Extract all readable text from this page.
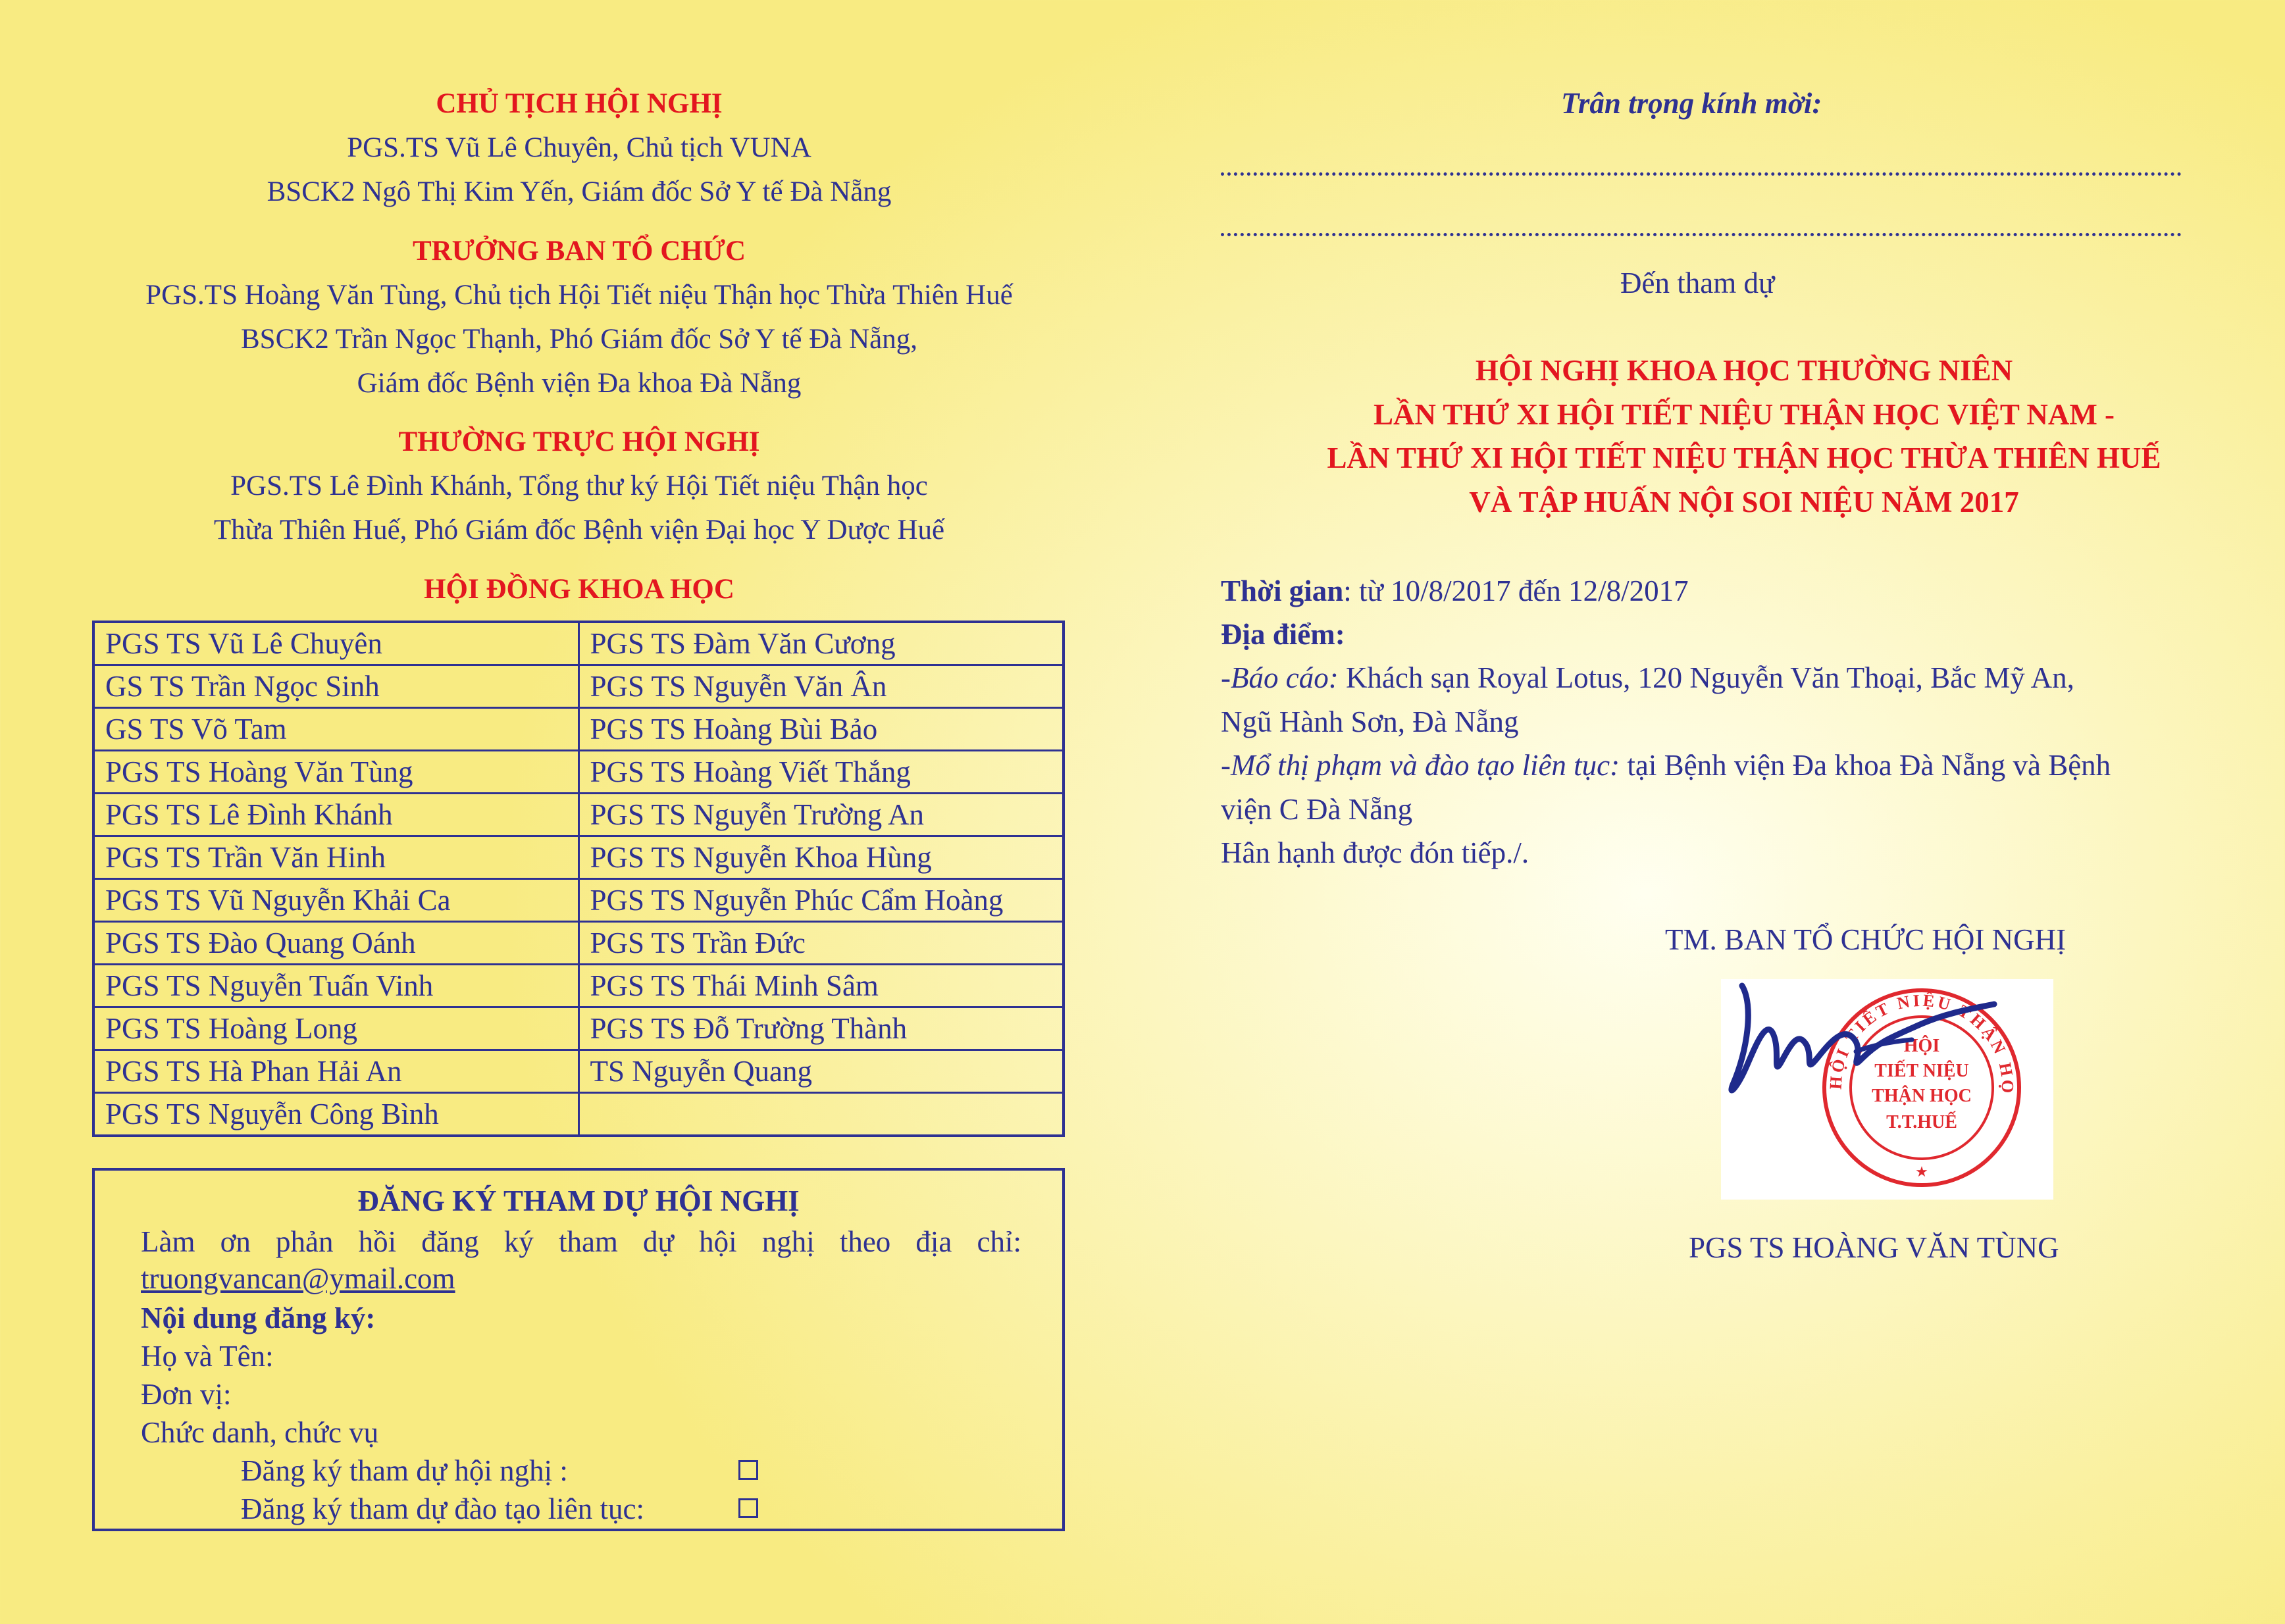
CHỦ TỊCH HỘI NGHỊ
PGS.TS Vũ Lê Chuyên, Chủ tịch VUNA
BSCK2 Ngô Thị Kim Yến, Giám đốc Sở Y tế Đà Nẵng
TRƯỞNG BAN TỔ CHỨC
PGS.TS Hoàng Văn Tùng, Chủ tịch Hội Tiết niệu Thận học Thừa Thiên Huế
BSCK2 Trần Ngọc Thạnh, Phó Giám đốc Sở Y tế Đà Nẵng,
Giám đốc Bệnh viện Đa khoa Đà Nẵng
THƯỜNG TRỰC HỘI NGHỊ
PGS.TS Lê Đình Khánh, Tổng thư ký Hội Tiết niệu Thận học
Thừa Thiên Huế, Phó Giám đốc Bệnh viện Đại học Y Dược Huế
HỘI ĐỒNG KHOA HỌC
PGS TS Vũ Lê Chuyên	PGS TS Đàm Văn Cương
GS TS Trần Ngọc Sinh	PGS TS Nguyễn Văn Ân
GS TS Võ Tam	PGS TS Hoàng Bùi Bảo
PGS TS Hoàng Văn Tùng	PGS TS Hoàng Viết Thắng
PGS TS Lê Đình Khánh	PGS TS Nguyễn Trường An
PGS TS Trần Văn Hinh	PGS TS Nguyễn Khoa Hùng
PGS TS Vũ Nguyễn Khải Ca	PGS TS Nguyễn Phúc Cẩm Hoàng
PGS TS Đào Quang Oánh	PGS TS Trần Đức
PGS TS Nguyễn Tuấn Vinh	PGS TS Thái Minh Sâm
PGS TS Hoàng Long	PGS TS Đỗ Trường Thành
PGS TS Hà Phan Hải An	TS Nguyễn Quang
PGS TS Nguyễn Công Bình	
ĐĂNG KÝ THAM DỰ HỘI NGHỊ
Làm ơn phản hồi đăng ký tham dự hội nghị theo địa chỉ:
truongvancan@ymail.com
Nội dung đăng ký:
Họ và Tên:
Đơn vị:
Chức danh, chức vụ
Đăng ký tham dự hội nghị :
Đăng ký tham dự đào tạo liên tục:
Trân trọng kính mời:
Đến tham dự
HỘI NGHỊ KHOA HỌC THƯỜNG NIÊN
LẦN THỨ XI HỘI TIẾT NIỆU THẬN HỌC VIỆT NAM -
LẦN THỨ XI HỘI TIẾT NIỆU THẬN HỌC THỪA THIÊN HUẾ
VÀ TẬP HUẤN NỘI SOI NIỆU NĂM 2017
Thời gian: từ 10/8/2017 đến 12/8/2017
Địa điểm:
-Báo cáo: Khách sạn Royal Lotus, 120 Nguyễn Văn Thoại, Bắc Mỹ An,
Ngũ Hành Sơn, Đà Nẵng
-Mổ thị phạm và đào tạo liên tục: tại Bệnh viện Đa khoa Đà Nẵng và Bệnh
viện C Đà Nẵng
Hân hạnh được đón tiếp./.
TM. BAN TỔ CHỨC HỘI NGHỊ
HỘI TIẾT NIỆU THẬN HỌ
HỘI
TIẾT NIỆU
THẬN HỌC
T.T.HUẾ
★
PGS TS HOÀNG VĂN TÙNG
